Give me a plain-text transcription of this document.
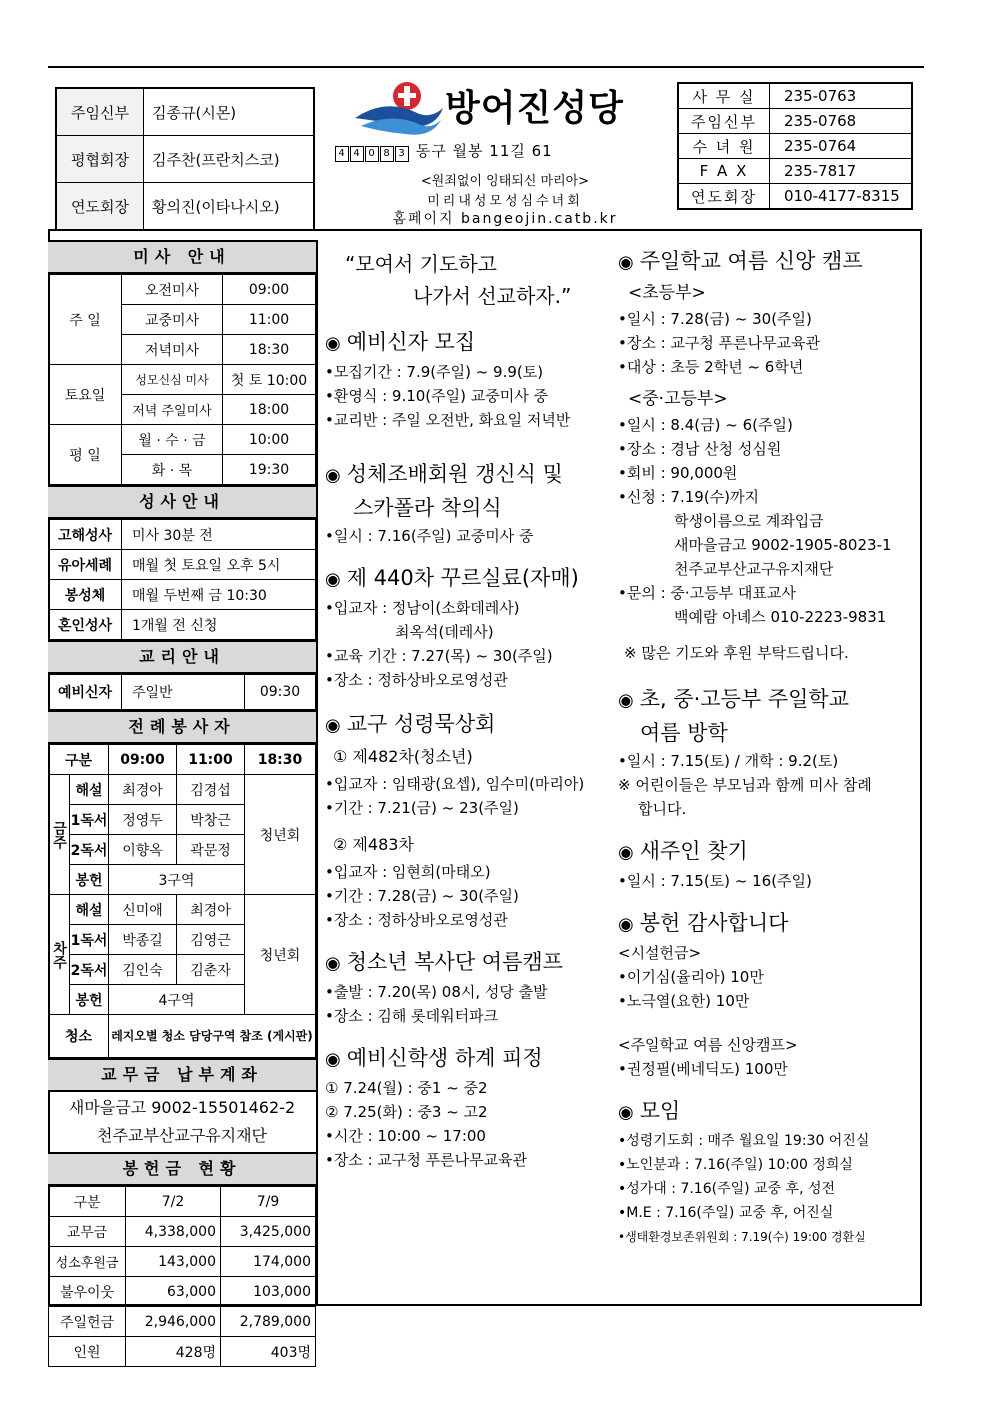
주임신부	김종규(시몬)
평협회장	김주찬(프란치스코)
연도회장	황의진(이타나시오)
방어진성당
4 4 0 8 3 동구 월봉 11길 61
<원죄없이 잉태되신 마리아>
미리내성모성심수녀회
홈페이지 bangeojin.catb.kr
사 무 실	235-0763
주임신부	235-0768
수 녀 원	235-0764
F A X	235-7817
연도회장	010-4177-8315
미사 안내
주 일	오전미사	09:00
	교중미사	11:00
	저녁미사	18:30
토요일	성모신심 미사	첫 토 10:00
	저녁 주일미사	18:00
평 일	월 · 수 · 금	10:00
	화 · 목	19:30
성사안내
고해성사	미사 30분 전
유아세례	매월 첫 토요일 오후 5시
봉성체	매월 두번째 금 10:30
혼인성사	1개월 전 신청
교리안내
예비신자	주일반	09:30
전례봉사자
구분		09:00	11:00	18:30
금주	해설	최경아	김경섭	청년회
	1독서	정영두	박창근	
	2독서	이향옥	곽문정	
	봉헌	3구역		
차주	해설	신미애	최경아	청년회
	1독서	박종길	김영근	
	2독서	김인숙	김춘자	
	봉헌	4구역		
청소		레지오별 청소 담당구역 참조 (게시판)		
교무금 납부계좌
새마을금고 9002-15501462-2
천주교부산교구유지재단
봉헌금 현황
구분	7/2	7/9
교무금	4,338,000	3,425,000
성소후원금	143,000	174,000
불우이웃	63,000	103,000
주일헌금	2,946,000	2,789,000
인원	428명	403명
“모여서 기도하고
나가서 선교하자.”
◉ 예비신자 모집
•모집기간 : 7.9(주일) ~ 9.9(토)
•환영식 : 9.10(주일) 교중미사 중
•교리반 : 주일 오전반, 화요일 저녁반
◉ 성체조배회원 갱신식 및
스카폴라 착의식
•일시 : 7.16(주일) 교중미사 중
◉ 제 440차 꾸르실료(자매)
•입교자 : 정남이(소화데레사)
최옥석(데레사)
•교육 기간 : 7.27(목) ~ 30(주일)
•장소 : 정하상바오로영성관
◉ 교구 성령묵상회
① 제482차(청소년)
•입교자 : 임태광(요셉), 임수미(마리아)
•기간 : 7.21(금) ~ 23(주일)
② 제483차
•입교자 : 임현희(마태오)
•기간 : 7.28(금) ~ 30(주일)
•장소 : 정하상바오로영성관
◉ 청소년 복사단 여름캠프
•출발 : 7.20(목) 08시, 성당 출발
•장소 : 김해 롯데워터파크
◉ 예비신학생 하계 피정
① 7.24(월) : 중1 ~ 중2
② 7.25(화) : 중3 ~ 고2
•시간 : 10:00 ~ 17:00
•장소 : 교구청 푸른나무교육관
◉ 주일학교 여름 신앙 캠프
<초등부>
•일시 : 7.28(금) ~ 30(주일)
•장소 : 교구청 푸른나무교육관
•대상 : 초등 2학년 ~ 6학년
<중·고등부>
•일시 : 8.4(금) ~ 6(주일)
•장소 : 경남 산청 성심원
•회비 : 90,000원
•신청 : 7.19(수)까지
학생이름으로 계좌입금
새마을금고 9002-1905-8023-1
천주교부산교구유지재단
•문의 : 중·고등부 대표교사
백예람 아녜스 010-2223-9831
※ 많은 기도와 후원 부탁드립니다.
◉ 초, 중·고등부 주일학교
여름 방학
•일시 : 7.15(토) / 개학 : 9.2(토)
※ 어린이들은 부모님과 함께 미사 참례
합니다.
◉ 새주인 찾기
•일시 : 7.15(토) ~ 16(주일)
◉ 봉헌 감사합니다
<시설헌금>
•이기심(율리아) 10만
•노극열(요한) 10만
<주일학교 여름 신앙캠프>
•권정필(베네딕도) 100만
◉ 모임
•성령기도회 : 매주 월요일 19:30 어진실
•노인분과 : 7.16(주일) 10:00 정희실
•성가대 : 7.16(주일) 교중 후, 성전
•M.E : 7.16(주일) 교중 후, 어진실
•생태환경보존위원회 : 7.19(수) 19:00 경환실
